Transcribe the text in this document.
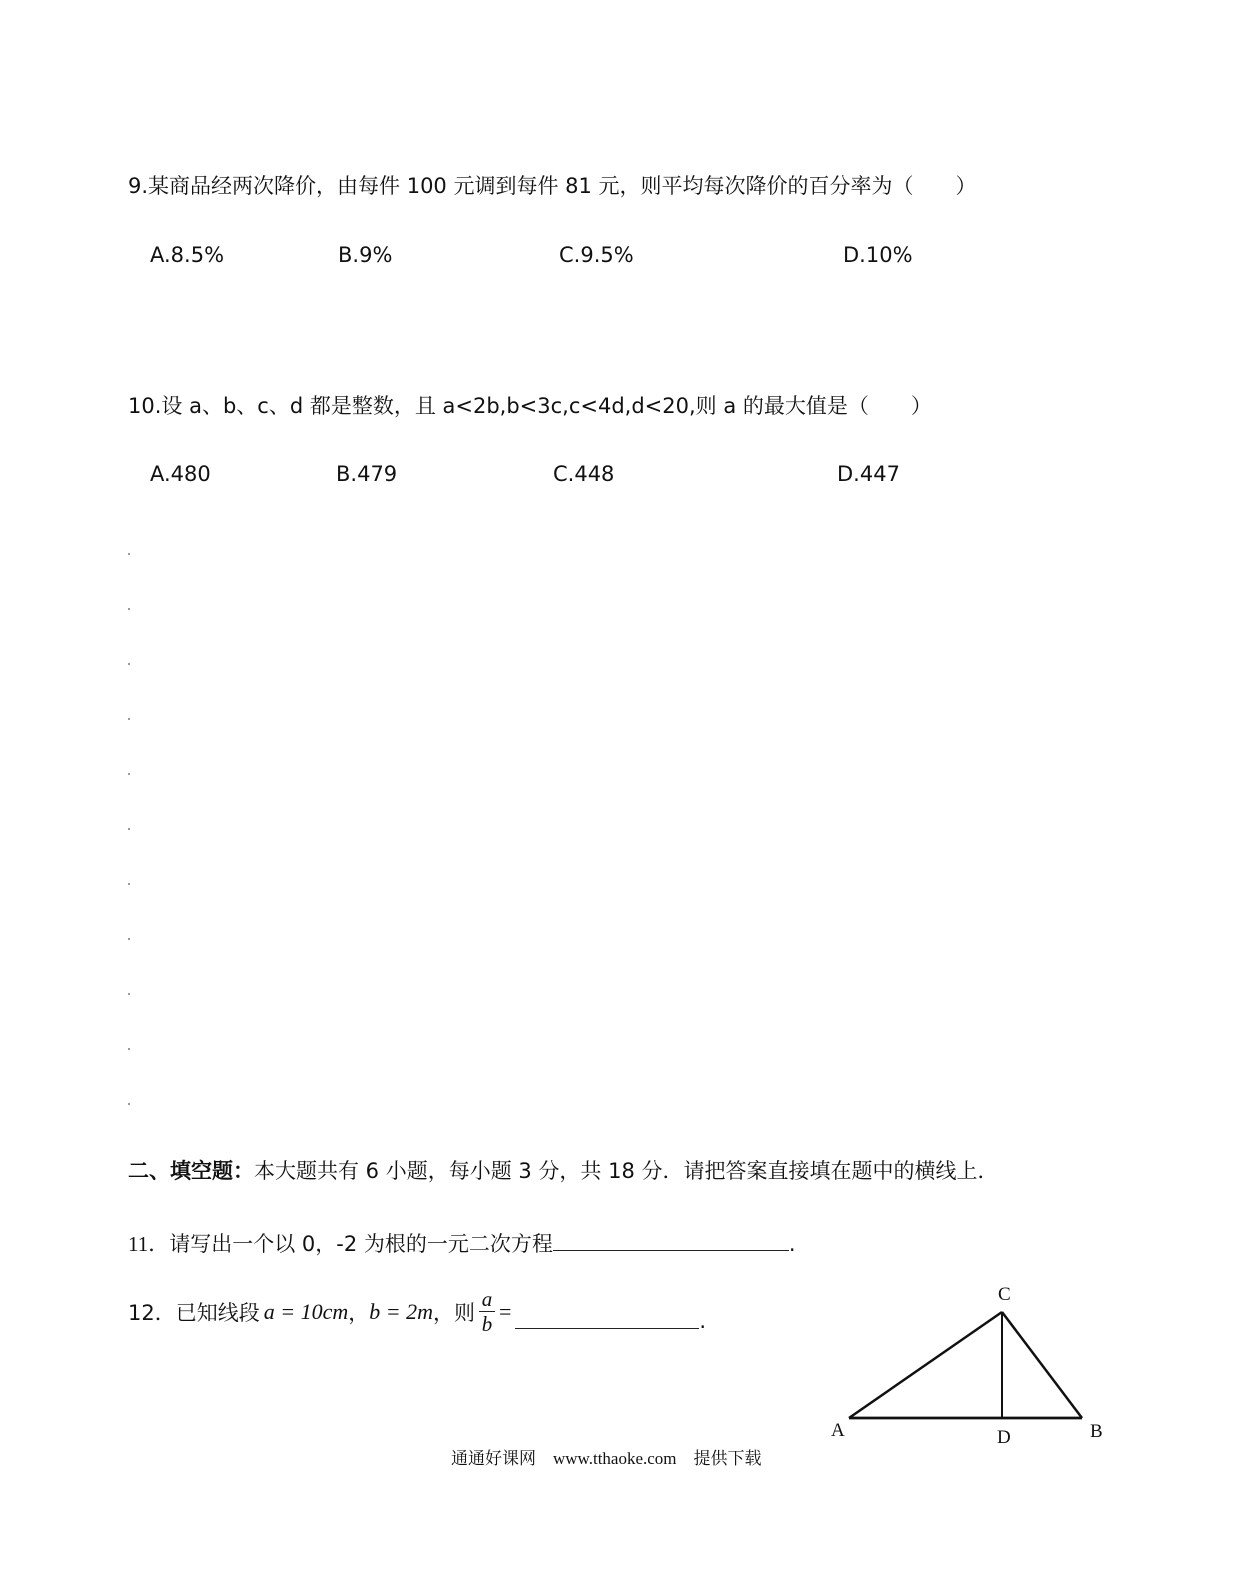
9.某商品经两次降价，由每件 100 元调到每件 81 元，则平均每次降价的百分率为（　　）
A.8.5%	B.9%	C.9.5%	D.10%
10.设 a、b、c、d 都是整数，且 a<2b,b<3c,c<4d,d<20,则 a 的最大值是（　　）
A.480	B.479	C.448	D.447
二、填空题：本大题共有 6 小题，每小题 3 分，共 18 分．请把答案直接填在题中的横线上．
11．请写出一个以 0，-2 为根的一元二次方程	.
12． 已知线段 a = 10cm ， b = 2m ，则 $\frac{a}{b}$ =	.
A
C
D	B
通通好课网　www.tthaoke.com　提供下载
